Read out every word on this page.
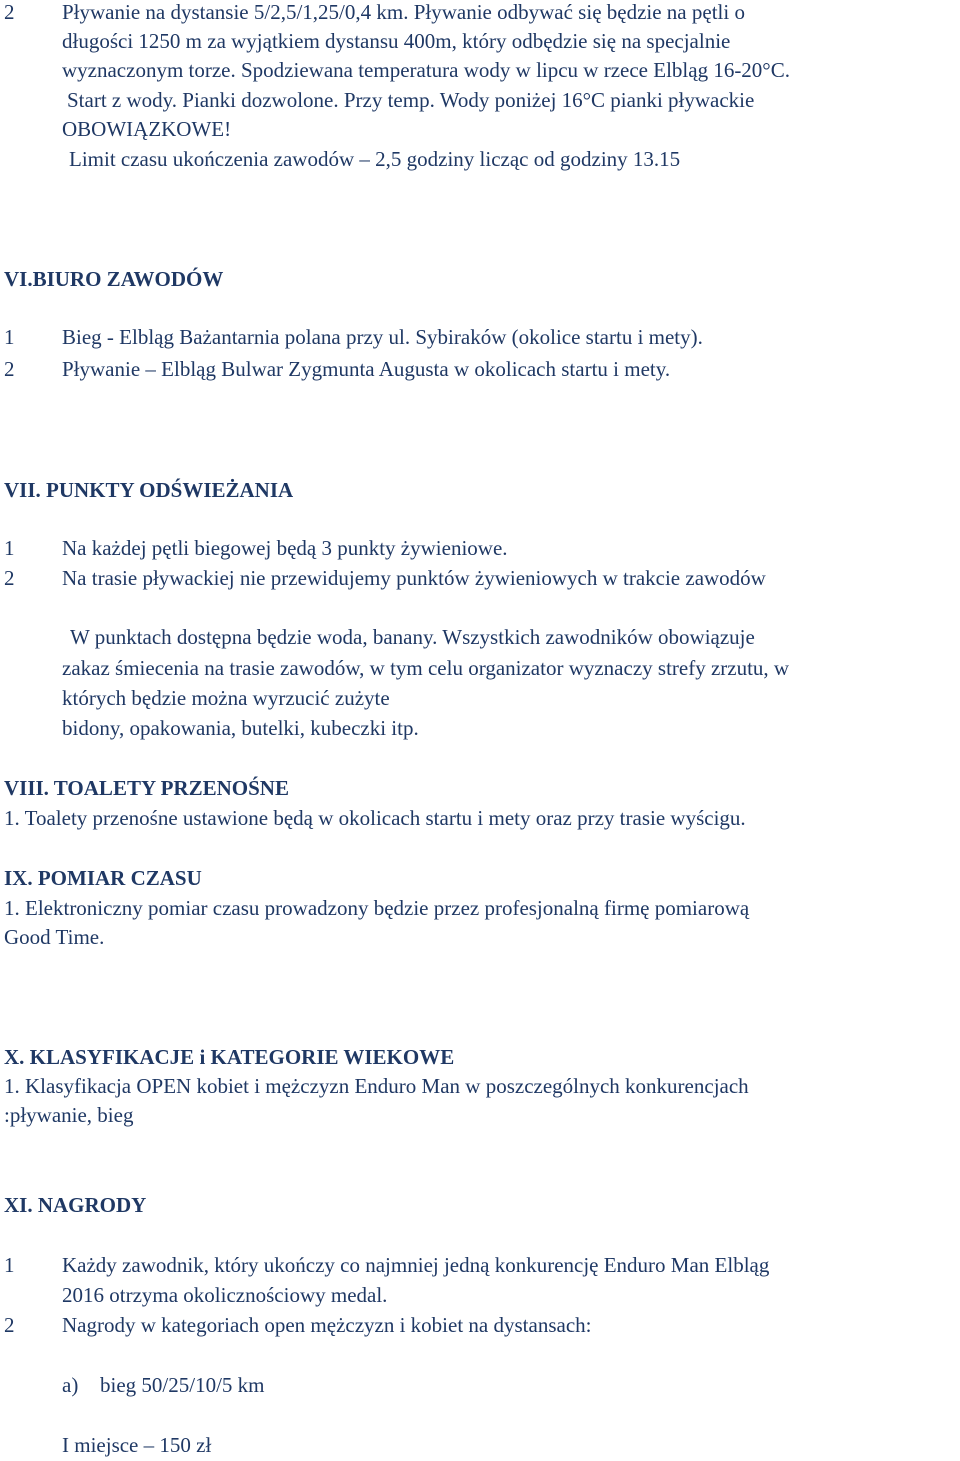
2 Pływanie na dystansie 5/2,5/1,25/0,4 km. Pływanie odbywać się będzie na pętli o
długości 1250 m za wyjątkiem dystansu 400m, który odbędzie się na specjalnie
wyznaczonym torze. Spodziewana temperatura wody w lipcu w rzece Elbląg 16-20°C.
Start z wody. Pianki dozwolone. Przy temp. Wody poniżej 16°C pianki pływackie
OBOWIĄZKOWE!
Limit czasu ukończenia zawodów – 2,5 godziny licząc od godziny 13.15
VI.BIURO ZAWODÓW
1 Bieg - Elbląg Bażantarnia polana przy ul. Sybiraków (okolice startu i mety).
2 Pływanie – Elbląg Bulwar Zygmunta Augusta w okolicach startu i mety.
VII. PUNKTY ODŚWIEŻANIA
1 Na każdej pętli biegowej będą 3 punkty żywieniowe.
2 Na trasie pływackiej nie przewidujemy punktów żywieniowych w trakcie zawodów
W punktach dostępna będzie woda, banany. Wszystkich zawodników obowiązuje
zakaz śmiecenia na trasie zawodów, w tym celu organizator wyznaczy strefy zrzutu, w
których będzie można wyrzucić zużyte
bidony, opakowania, butelki, kubeczki itp.
VIII. TOALETY PRZENOŚNE
1. Toalety przenośne ustawione będą w okolicach startu i mety oraz przy trasie wyścigu.
IX. POMIAR CZASU
1. Elektroniczny pomiar czasu prowadzony będzie przez profesjonalną firmę pomiarową
Good Time.
X. KLASYFIKACJE i KATEGORIE WIEKOWE
1. Klasyfikacja OPEN kobiet i mężczyzn Enduro Man w poszczególnych konkurencjach
:pływanie, bieg
XI. NAGRODY
1 Każdy zawodnik, który ukończy co najmniej jedną konkurencję Enduro Man Elbląg
2016 otrzyma okolicznościowy medal.
2 Nagrody w kategoriach open mężczyzn i kobiet na dystansach:
a) bieg 50/25/10/5 km
I miejsce – 150 zł
